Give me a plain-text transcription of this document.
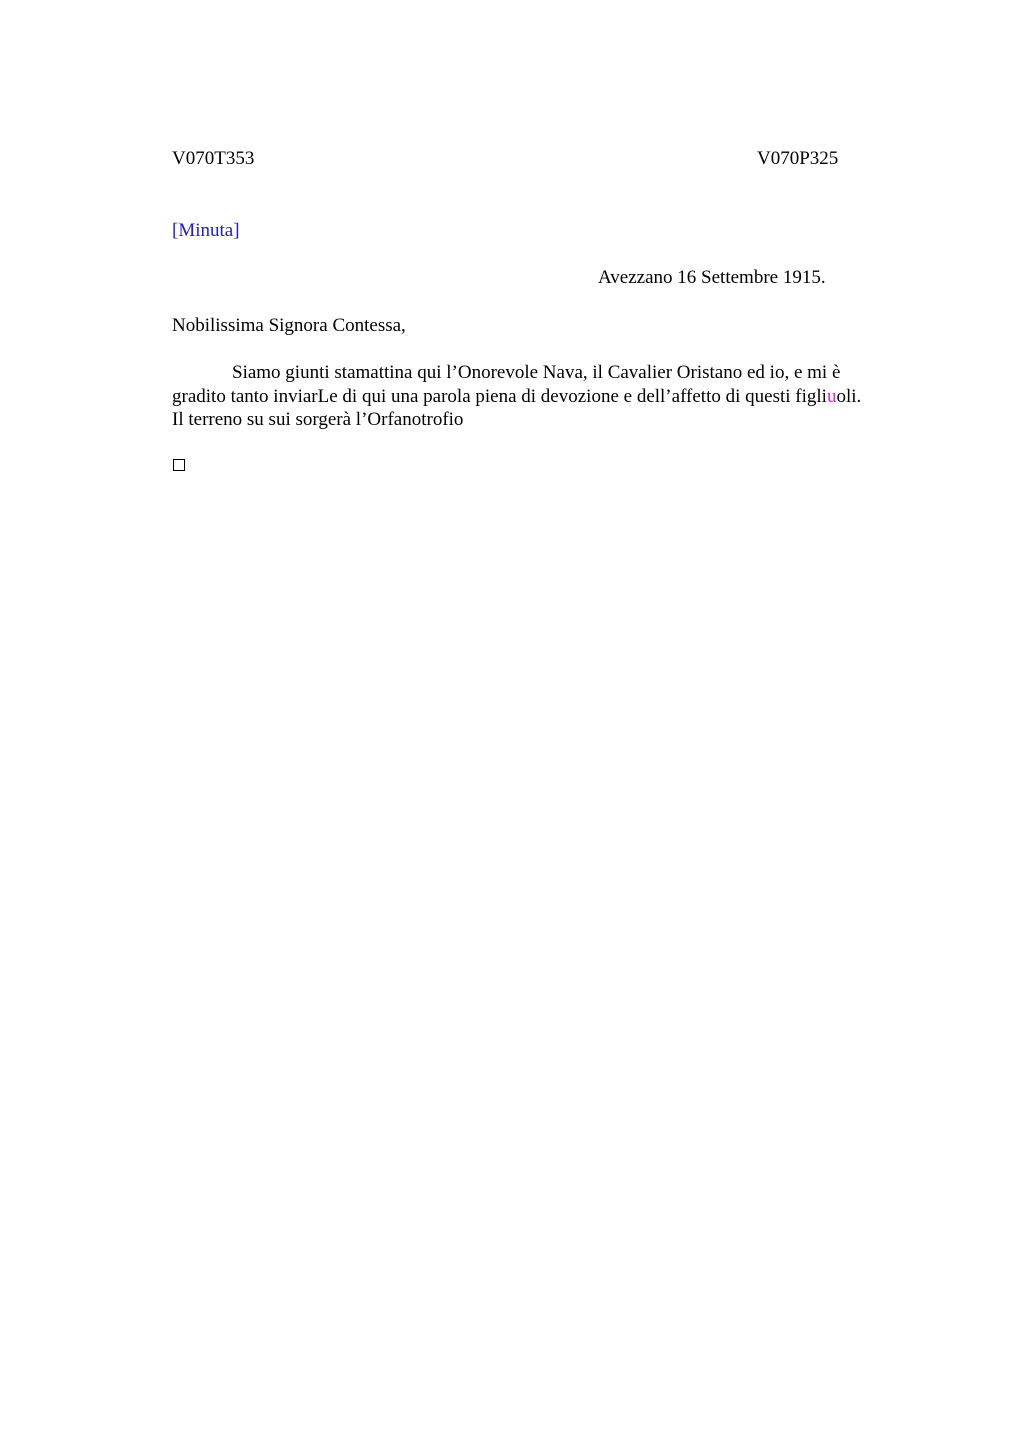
V070T353	V070P325
[Minuta]
Avezzano 16 Settembre 1915.
Nobilissima Signora Contessa,
Siamo giunti stamattina qui l’Onorevole Nava, il Cavalier Oristano ed io, e mi è
gradito tanto inviarLe di qui una parola piena di devozione e dell’affetto di questi figliuoli.
Il terreno su sui sorgerà l’Orfanotrofio
